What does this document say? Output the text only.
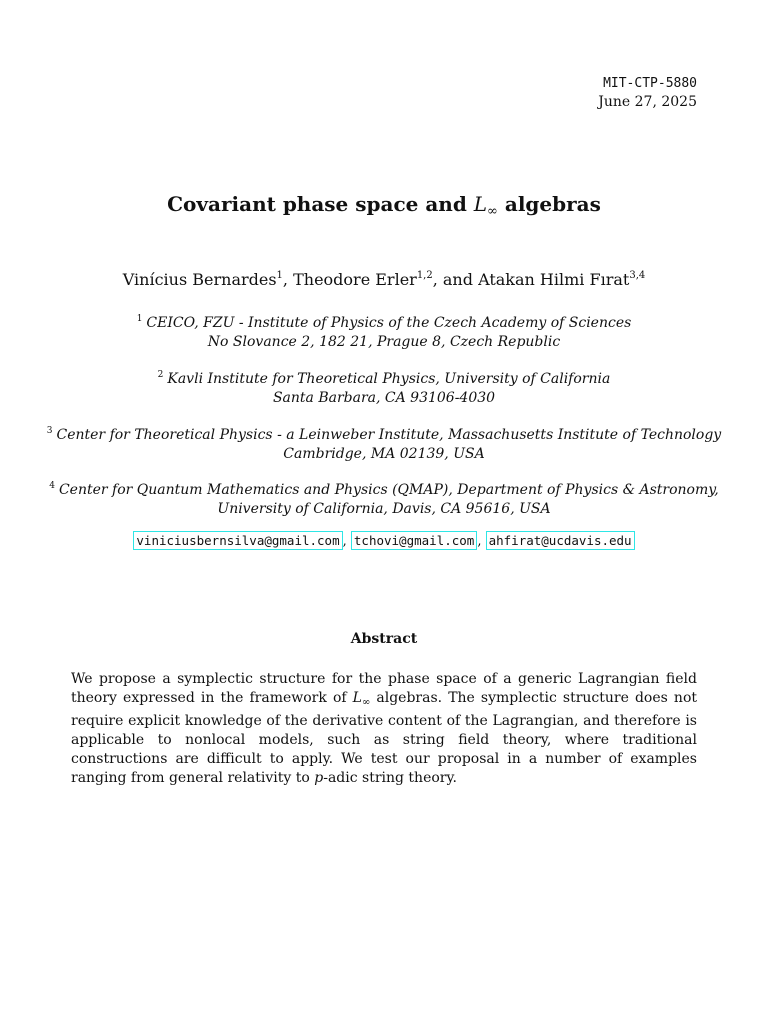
MIT-CTP-5880
June 27, 2025
Covariant phase space and $L_\infty$ algebras
Vinícius Bernardes$^1$, Theodore Erler$^{1,2}$, and Atakan Hilmi Fırat$^{3,4}$
$^1$ CEICO, FZU - Institute of Physics of the Czech Academy of Sciences
No Slovance 2, 182 21, Prague 8, Czech Republic
$^2$ Kavli Institute for Theoretical Physics, University of California
Santa Barbara, CA 93106-4030
$^3$ Center for Theoretical Physics - a Leinweber Institute, Massachusetts Institute of Technology
Cambridge, MA 02139, USA
$^4$ Center for Quantum Mathematics and Physics (QMAP), Department of Physics & Astronomy,
University of California, Davis, CA 95616, USA
viniciusbernsilva@gmail.com , tchovi@gmail.com , ahfirat@ucdavis.edu
Abstract
We propose a symplectic structure for the phase space of a generic Lagrangian field theory expressed in the framework of $L_\infty$ algebras. The symplectic structure does not require explicit knowledge of the derivative content of the Lagrangian, and therefore is applicable to nonlocal models, such as string field theory, where traditional constructions are difficult to apply. We test our proposal in a number of examples ranging from general relativity to p-adic string theory.
